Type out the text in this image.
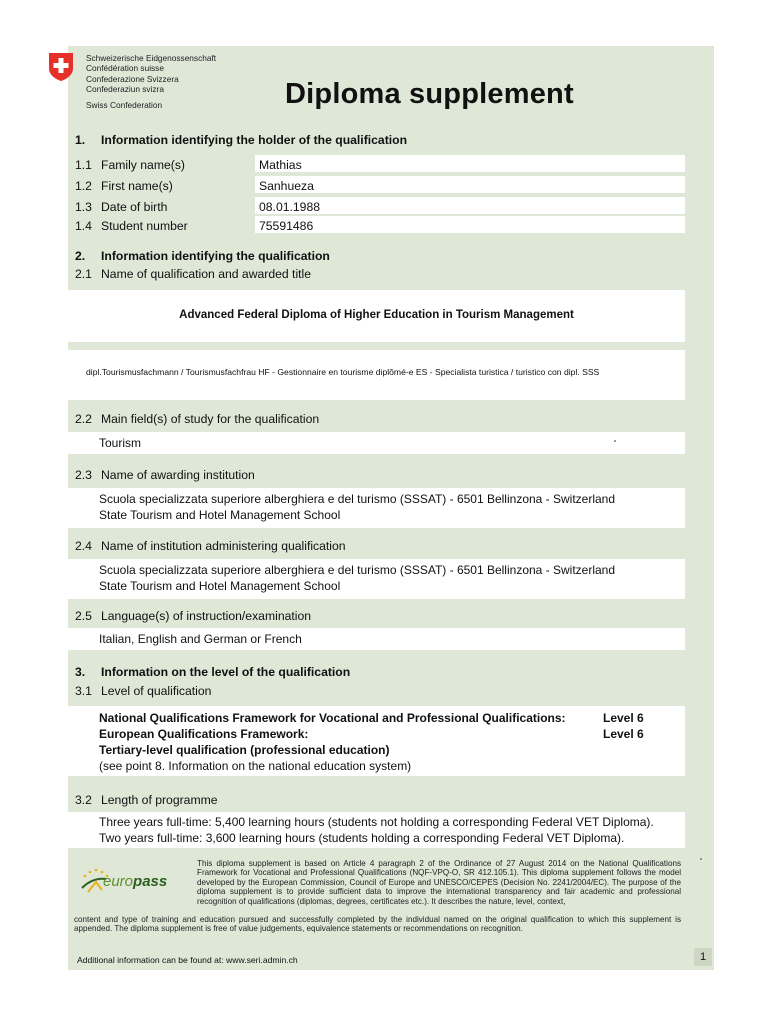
Schweizerische Eidgenossenschaft
Confédération suisse
Confederazione Svizzera
Confederaziun svizra
Swiss Confederation	Diploma supplement
1. Information identifying the holder of the qualification
1.1 Family name(s)	Mathias
1.2 First name(s)	Sanhueza
1.3 Date of birth	08.01.1988
1.4 Student number	75591486
2. Information identifying the qualification
2.1 Name of qualification and awarded title
Advanced Federal Diploma of Higher Education in Tourism Management
dipl.Tourismusfachmann / Tourismusfachfrau HF - Gestionnaire en tourisme diplômé-e ES - Specialista turistica / turistico con dipl. SSS
2.2 Main field(s) of study for the qualification
Tourism
2.3 Name of awarding institution
Scuola specializzata superiore alberghiera e del turismo (SSSAT) - 6501 Bellinzona - Switzerland
State Tourism and Hotel Management School
2.4 Name of institution administering qualification
Scuola specializzata superiore alberghiera e del turismo (SSSAT) - 6501 Bellinzona - Switzerland
State Tourism and Hotel Management School
2.5 Language(s) of instruction/examination
Italian, English and German or French
3. Information on the level of the qualification
3.1 Level of qualification
National Qualifications Framework for Vocational and Professional Qualifications:	Level 6
European Qualifications Framework:	Level 6
Tertiary-level qualification (professional education)
(see point 8. Information on the national education system)
3.2 Length of programme
Three years full-time: 5,400 learning hours (students not holding a corresponding Federal VET Diploma).
Two years full-time: 3,600 learning hours (students holding a corresponding Federal VET Diploma).
europass
This diploma supplement is based on Article 4 paragraph 2 of the Ordinance of 27 August 2014 on the National Qualifications Framework for Vocational and Professional Qualifications (NQF-VPQ-O, SR 412.105.1). This diploma supplement follows the model developed by the European Commission, Council of Europe and UNESCO/CEPES (Decision No. 2241/2004/EC). The purpose of the diploma supplement is to provide sufficient data to improve the international transparency and fair academic and professional recognition of qualifications (diplomas, degrees, certificates etc.). It describes the nature, level, context,
content and type of training and education pursued and successfully completed by the individual named on the original qualification to which this supplement is appended. The diploma supplement is free of value judgements, equivalence statements or recommendations on recognition.
Additional information can be found at: www.seri.admin.ch	1
